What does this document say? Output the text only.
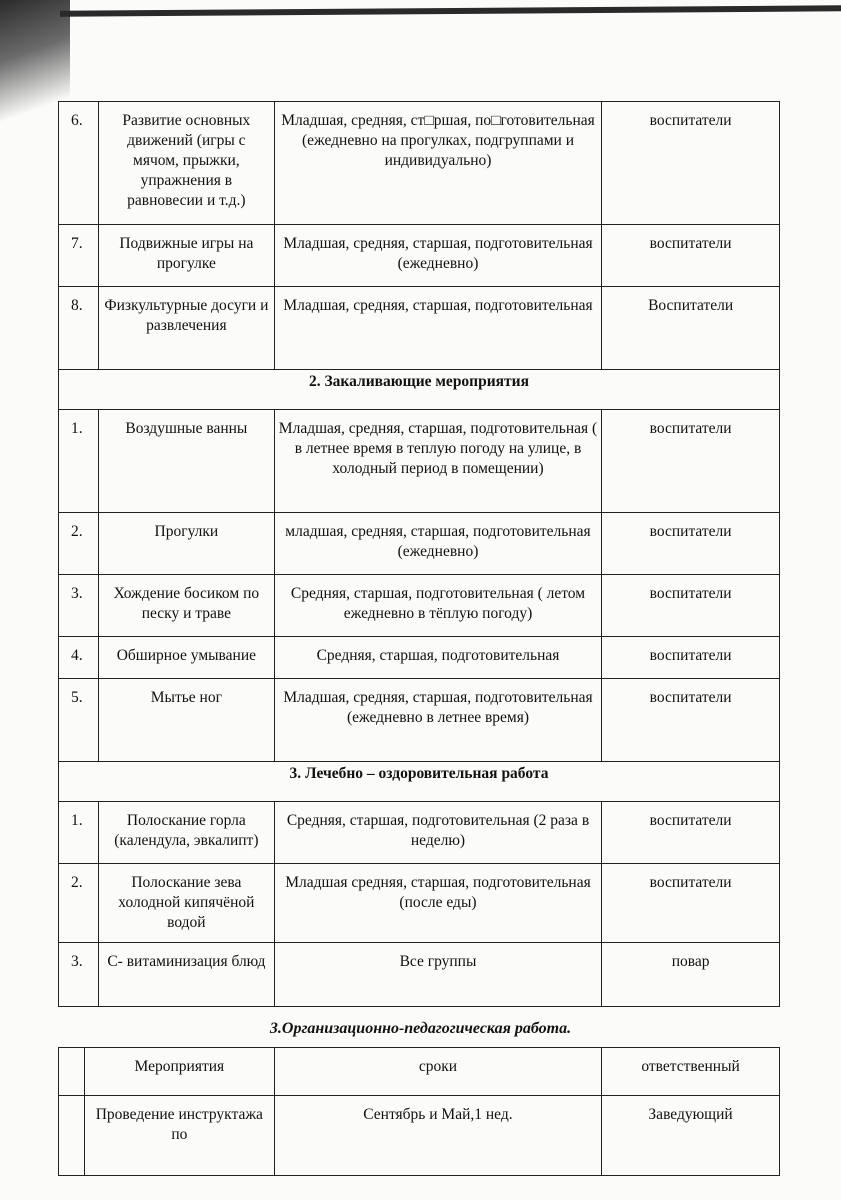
6.	Развитие основных движений (игры с мячом, прыжки, упражнения в равновесии и т.д.)	Младшая, средняя, ст□ршая, по□готовительная (ежедневно на прогулках, подгруппами и индивидуально)	воспитатели
7.	Подвижные игры на прогулке	Младшая, средняя, старшая, подготовительная (ежедневно)	воспитатели
8.	Физкультурные досуги и развлечения	Младшая, средняя, старшая, подготовительная	Воспитатели
2. Закаливающие мероприятия			
1.	Воздушные ванны	Младшая, средняя, старшая, подготовительная ( в летнее время в теплую погоду на улице, в холодный период в помещении)	воспитатели
2.	Прогулки	младшая, средняя, старшая, подготовительная (ежедневно)	воспитатели
3.	Хождение босиком по песку и траве	Средняя, старшая, подготовительная ( летом ежедневно в тёплую погоду)	воспитатели
4.	Обширное умывание	Средняя, старшая, подготовительная	воспитатели
5.	Мытье ног	Младшая, средняя, старшая, подготовительная (ежедневно в летнее время)	воспитатели
3. Лечебно – оздоровительная работа			
1.	Полоскание горла (календула, эвкалипт)	Средняя, старшая, подготовительная (2 раза в неделю)	воспитатели
2.	Полоскание зева холодной кипячёной водой	Младшая средняя, старшая, подготовительная (после еды)	воспитатели
3.	С- витаминизация блюд	Все группы	повар
3.Организационно-педагогическая работа.
	Мероприятия	сроки	ответственный
	Проведение инструктажа по	Сентябрь и Май,1 нед.	Заведующий
